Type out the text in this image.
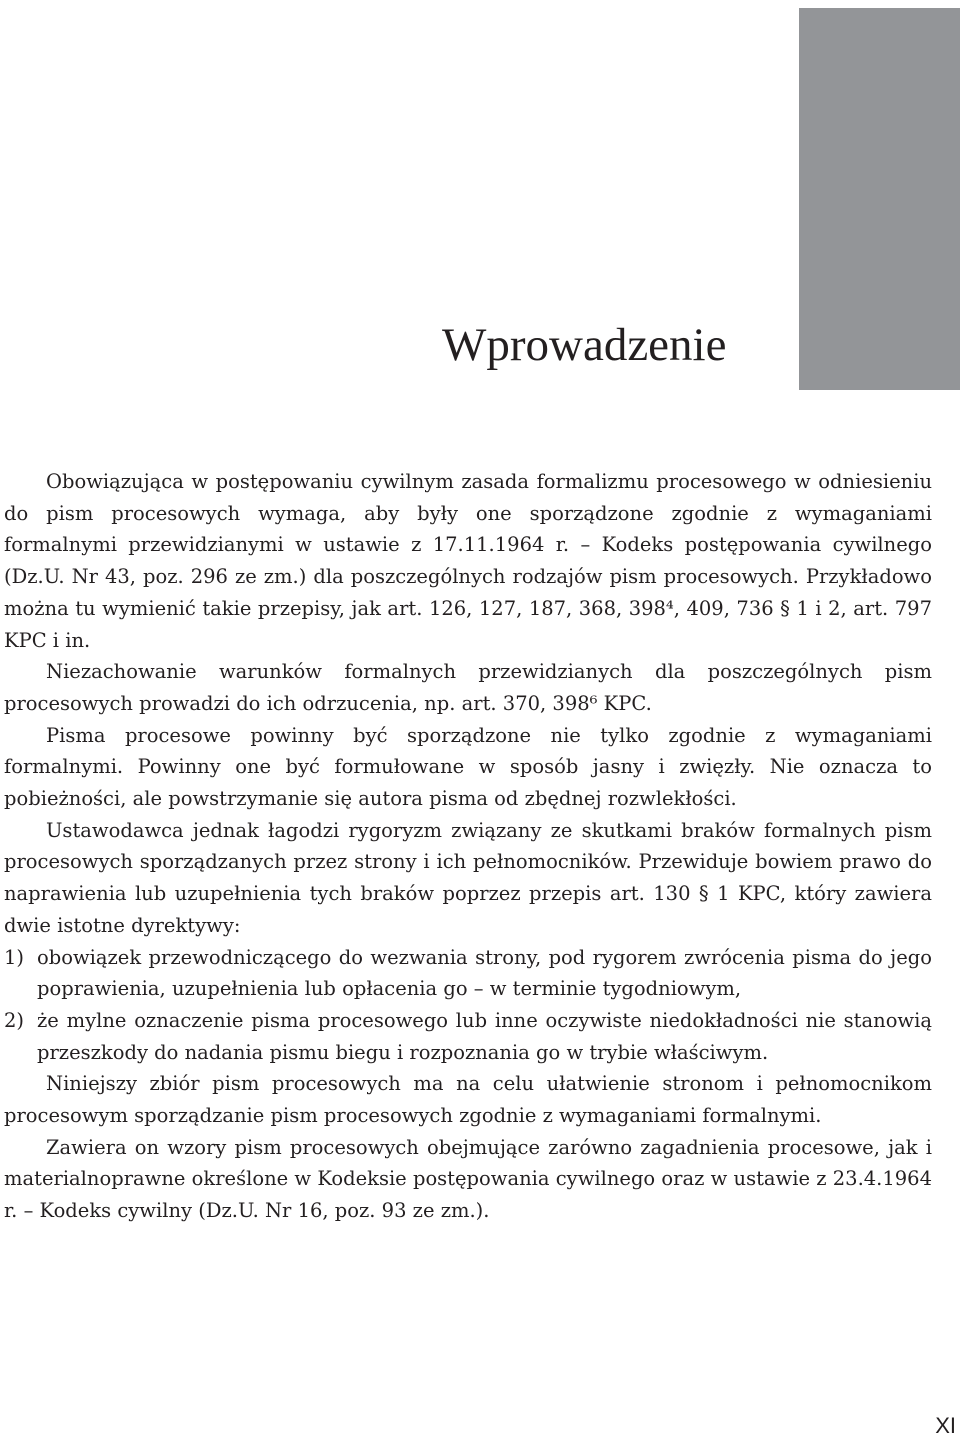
Wprowadzenie

Obowiązująca w postępowaniu cywilnym zasada formalizmu procesowego w odniesieniu do pism procesowych wymaga, aby były one sporządzone zgodnie z wymaganiami formalnymi przewidzianymi w ustawie z 17.11.1964 r. – Kodeks postępowania cywilnego (Dz.U. Nr 43, poz. 296 ze zm.) dla poszczególnych rodzajów pism procesowych. Przykładowo można tu wymienić takie przepisy, jak art. 126, 127, 187, 368, 398⁴, 409, 736 § 1 i 2, art. 797 KPC i in.

Niezachowanie warunków formalnych przewidzianych dla poszczególnych pism procesowych prowadzi do ich odrzucenia, np. art. 370, 398⁶ KPC.

Pisma procesowe powinny być sporządzone nie tylko zgodnie z wymaganiami formalnymi. Powinny one być formułowane w sposób jasny i zwięzły. Nie oznacza to pobieżności, ale powstrzymanie się autora pisma od zbędnej rozwlekłości.

Ustawodawca jednak łagodzi rygoryzm związany ze skutkami braków formalnych pism procesowych sporządzanych przez strony i ich pełnomocników. Przewiduje bowiem prawo do naprawienia lub uzupełnienia tych braków poprzez przepis art. 130 § 1 KPC, który zawiera dwie istotne dyrektywy:

1) obowiązek przewodniczącego do wezwania strony, pod rygorem zwrócenia pisma do jego poprawienia, uzupełnienia lub opłacenia go – w terminie tygodniowym,
2) że mylne oznaczenie pisma procesowego lub inne oczywiste niedokładności nie stanowią przeszkody do nadania pismu biegu i rozpoznania go w trybie właściwym.

Niniejszy zbiór pism procesowych ma na celu ułatwienie stronom i pełnomocnikom procesowym sporządzanie pism procesowych zgodnie z wymaganiami formalnymi.

Zawiera on wzory pism procesowych obejmujące zarówno zagadnienia procesowe, jak i materialnoprawne określone w Kodeksie postępowania cywilnego oraz w ustawie z 23.4.1964 r. – Kodeks cywilny (Dz.U. Nr 16, poz. 93 ze zm.).

XI
